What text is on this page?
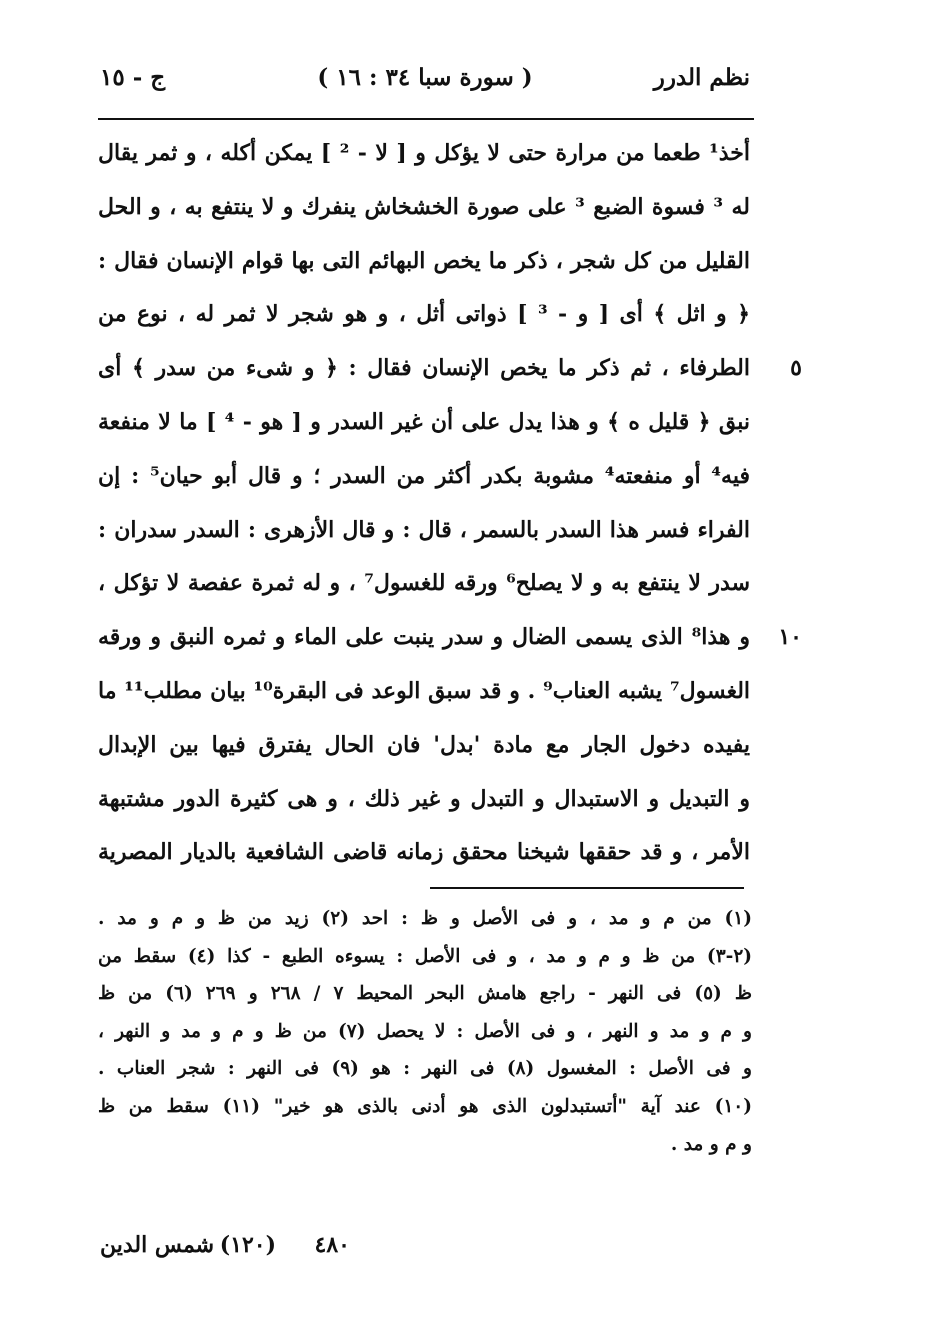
نظم الدرر
( سورة سبا ٣٤ : ١٦ )
ج - ١٥
أخذ¹ طعما من مرارة حتى لا يؤكل و [ لا - ² ] يمكن أكله ، و ثمر يقال
له ³ فسوة الضبع ³ على صورة الخشخاش ينفرك و لا ينتفع به ، و الحل
القليل من كل شجر ، ذكر ما يخص البهائم التى بها قوام الإنسان فقال :
﴿ و اثل ﴾ أى [ و - ³ ] ذواتى أثل ، و هو شجر لا ثمر له ، نوع من
٥
الطرفاء ، ثم ذكر ما يخص الإنسان فقال : ﴿ و شىء من سدر ﴾ أى
نبق ﴿ قليل ه ﴾ و هذا يدل على أن غير السدر و [ هو - ⁴ ] ما لا منفعة
فيه⁴ أو منفعته⁴ مشوبة بكدر أكثر من السدر ؛ و قال أبو حيان⁵ : إن
الفراء فسر هذا السدر بالسمر ، قال : و قال الأزهرى : السدر سدران :
سدر لا ينتفع به و لا يصلح⁶ ورقه للغسول⁷ ، و له ثمرة عفصة لا تؤكل ،
١٠
و هذا⁸ الذى يسمى الضال و سدر ينبت على الماء و ثمره النبق و ورقه
الغسول⁷ يشبه العناب⁹ . و قد سبق الوعد فى البقرة¹⁰ بيان مطلب¹¹ ما
يفيده دخول الجار مع مادة 'بدل' فان الحال يفترق فيها بين الإبدال
و التبديل و الاستبدال و التبدل و غير ذلك ، و هى كثيرة الدور مشتبهة
الأمر ، و قد حققها شيخنا محقق زمانه قاضى الشافعية بالديار المصرية
(١) من م و مد ، و فى الأصل و ظ : احد (٢) زيد من ظ و م و مد .
(٢-٣) من ظ و م و مد ، و فى الأصل : يسوءه الطبع - كذا (٤) سقط من
ظ (٥) فى النهر - راجع هامش البحر المحيط ٧ / ٢٦٨ و ٢٦٩ (٦) من ظ
و م و مد و النهر ، و فى الأصل : لا يحصل (٧) من ظ و م و مد و النهر ،
و فى الأصل : المغسول (٨) فى النهر : هو (٩) فى النهر : شجر العناب .
(١٠) عند آية "أتستبدلون الذى هو أدنى بالذى هو خير" (١١) سقط من ظ
و م و مد .
٤٨٠
(١٢٠)
شمس الدين
